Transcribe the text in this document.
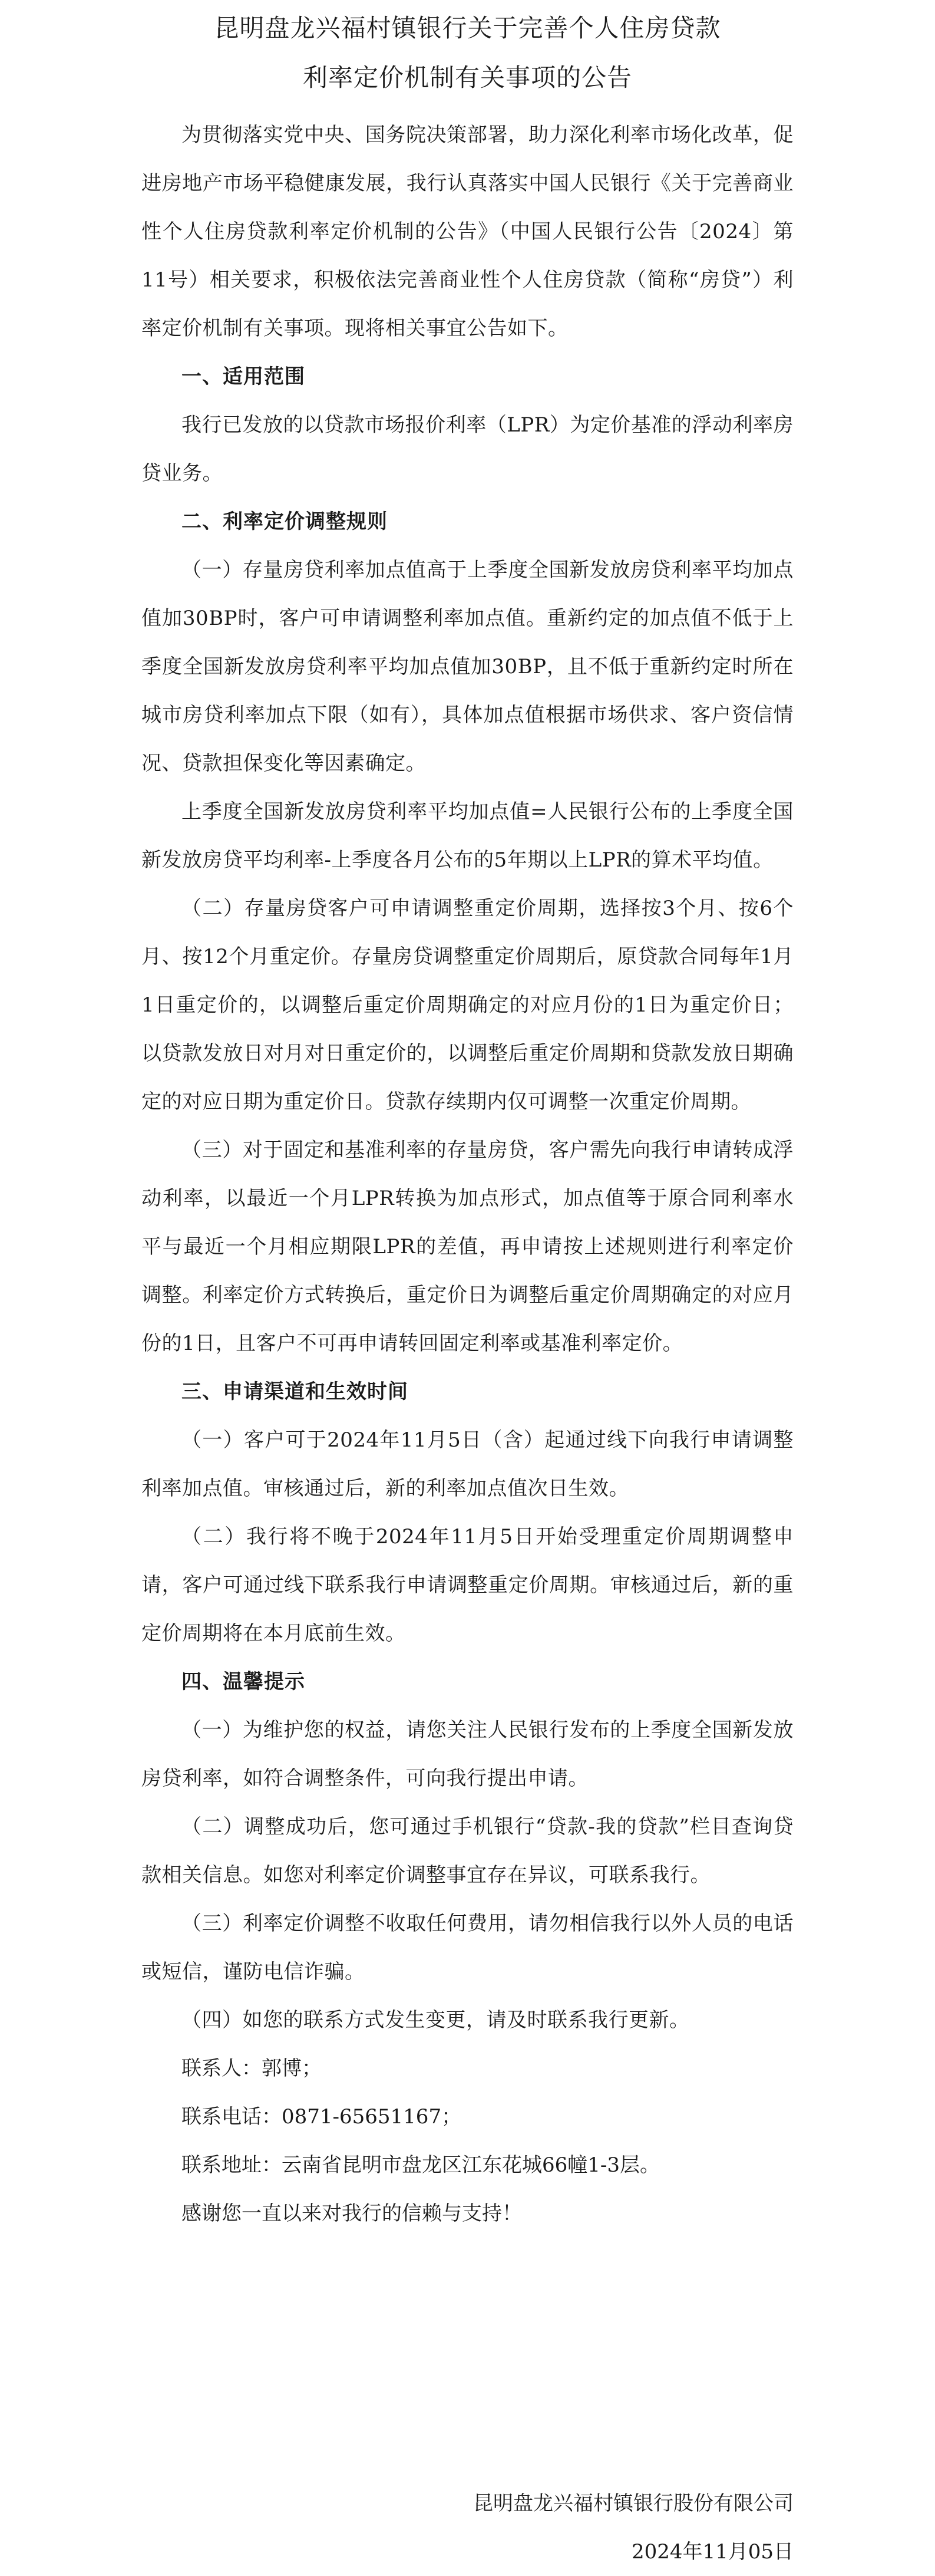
昆明盘龙兴福村镇银行关于完善个人住房贷款
利率定价机制有关事项的公告

为贯彻落实党中央、国务院决策部署，助力深化利率市场化改革，促进房地产市场平稳健康发展，我行认真落实中国人民银行《关于完善商业性个人住房贷款利率定价机制的公告》（中国人民银行公告〔2024〕第11号）相关要求，积极依法完善商业性个人住房贷款（简称“房贷”）利率定价机制有关事项。现将相关事宜公告如下。

一、适用范围

我行已发放的以贷款市场报价利率（LPR）为定价基准的浮动利率房贷业务。

二、利率定价调整规则

（一）存量房贷利率加点值高于上季度全国新发放房贷利率平均加点值加30BP时，客户可申请调整利率加点值。重新约定的加点值不低于上季度全国新发放房贷利率平均加点值加30BP，且不低于重新约定时所在城市房贷利率加点下限（如有），具体加点值根据市场供求、客户资信情况、贷款担保变化等因素确定。

上季度全国新发放房贷利率平均加点值=人民银行公布的上季度全国新发放房贷平均利率-上季度各月公布的5年期以上LPR的算术平均值。

（二）存量房贷客户可申请调整重定价周期，选择按3个月、按6个月、按12个月重定价。存量房贷调整重定价周期后，原贷款合同每年1月1日重定价的，以调整后重定价周期确定的对应月份的1日为重定价日；以贷款发放日对月对日重定价的，以调整后重定价周期和贷款发放日期确定的对应日期为重定价日。贷款存续期内仅可调整一次重定价周期。

（三）对于固定和基准利率的存量房贷，客户需先向我行申请转成浮动利率，以最近一个月LPR转换为加点形式，加点值等于原合同利率水平与最近一个月相应期限LPR的差值，再申请按上述规则进行利率定价调整。利率定价方式转换后，重定价日为调整后重定价周期确定的对应月份的1日，且客户不可再申请转回固定利率或基准利率定价。

三、申请渠道和生效时间

（一）客户可于2024年11月5日（含）起通过线下向我行申请调整利率加点值。审核通过后，新的利率加点值次日生效。

（二）我行将不晚于2024年11月5日开始受理重定价周期调整申请，客户可通过线下联系我行申请调整重定价周期。审核通过后，新的重定价周期将在本月底前生效。

四、温馨提示

（一）为维护您的权益，请您关注人民银行发布的上季度全国新发放房贷利率，如符合调整条件，可向我行提出申请。

（二）调整成功后，您可通过手机银行“贷款-我的贷款”栏目查询贷款相关信息。如您对利率定价调整事宜存在异议，可联系我行。

（三）利率定价调整不收取任何费用，请勿相信我行以外人员的电话或短信，谨防电信诈骗。

（四）如您的联系方式发生变更，请及时联系我行更新。

联系人：郭博；

联系电话：0871-65651167；

联系地址：云南省昆明市盘龙区江东花城66幢1-3层。

感谢您一直以来对我行的信赖与支持！

昆明盘龙兴福村镇银行股份有限公司

2024年11月05日
